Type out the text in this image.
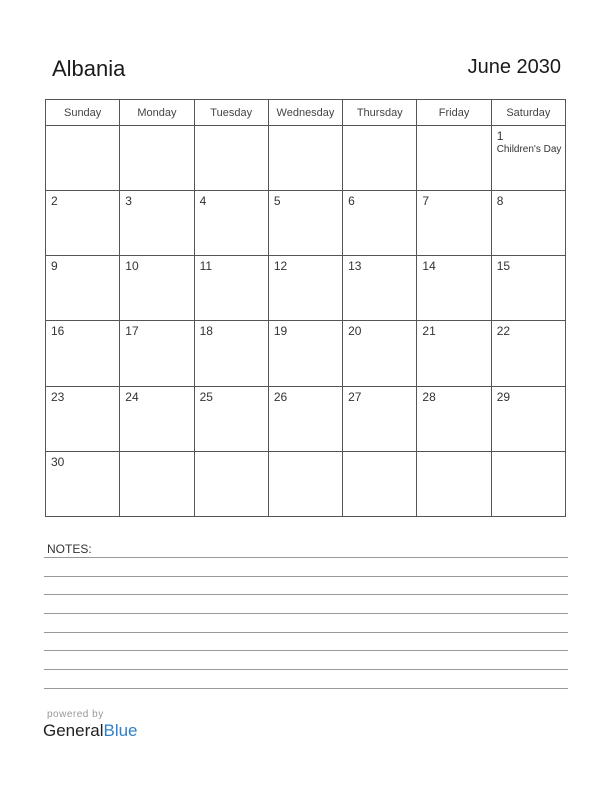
Albania	June 2030
Sunday	Monday	Tuesday	Wednesday	Thursday	Friday	Saturday

						1
Children's Day

2	3	4	5	6	7	8

9	10	11	12	13	14	15

16	17	18	19	20	21	22

23	24	25	26	27	28	29

30						

NOTES:
powered by
GeneralBlue
